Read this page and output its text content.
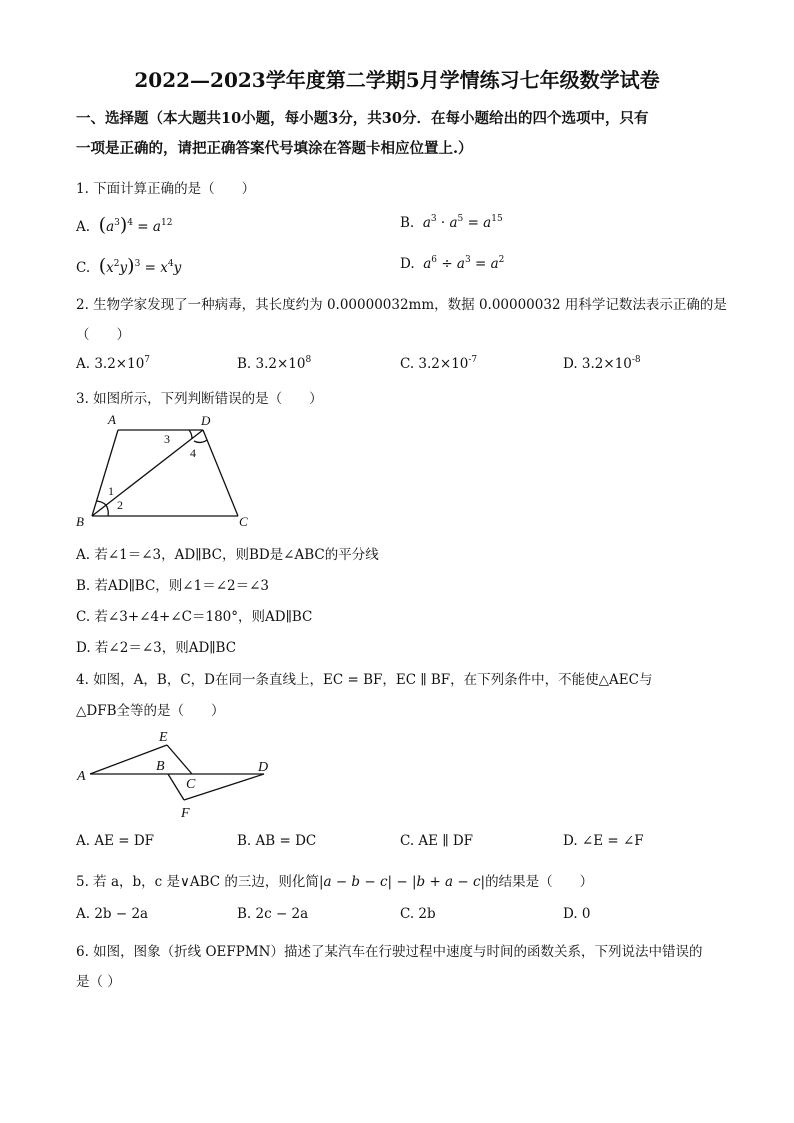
2022—2023学年度第二学期5月学情练习七年级数学试卷
一、选择题（本大题共10小题，每小题3分，共30分．在每小题给出的四个选项中，只有
一项是正确的，请把正确答案代号填涂在答题卡相应位置上.）
1. 下面计算正确的是（　　）
A. $(a^3)^4 = a^{12}$	B. $a^3 \cdot a^5 = a^{15}$
C. $(x^2y)^3 = x^4y$	D. $a^6 \div a^3 = a^2$
2. 生物学家发现了一种病毒，其长度约为 0.00000032mm，数据 0.00000032 用科学记数法表示正确的是
（　　）
A. $3.2\times 10^7$	B. $3.2\times 10^8$	C. $3.2\times 10^{-7}$	D. $3.2\times 10^{-8}$
3. 如图所示，下列判断错误的是（　　）
A	D
B	C
1
2
3
4
A. 若∠1＝∠3，AD∥BC，则BD是∠ABC的平分线
B. 若AD∥BC，则∠1＝∠2＝∠3
C. 若∠3+∠4+∠C＝180°，则AD∥BC
D. 若∠2＝∠3，则AD∥BC
4. 如图，A，B，C，D在同一条直线上，EC = BF，EC ∥ BF，在下列条件中，不能使△AEC与
△DFB全等的是（　　）
E
A
B
C
D
F
A. AE = DF	B. AB = DC	C. AE ∥ DF	D. ∠E = ∠F
5. 若 a，b，c 是∨ABC 的三边，则化简|a − b − c| − |b + a − c|的结果是（　　）
A. 2b − 2a	B. 2c − 2a	C. 2b	D. 0
6. 如图，图象（折线 OEFPMN）描述了某汽车在行驶过程中速度与时间的函数关系，下列说法中错误的
是（ ）
